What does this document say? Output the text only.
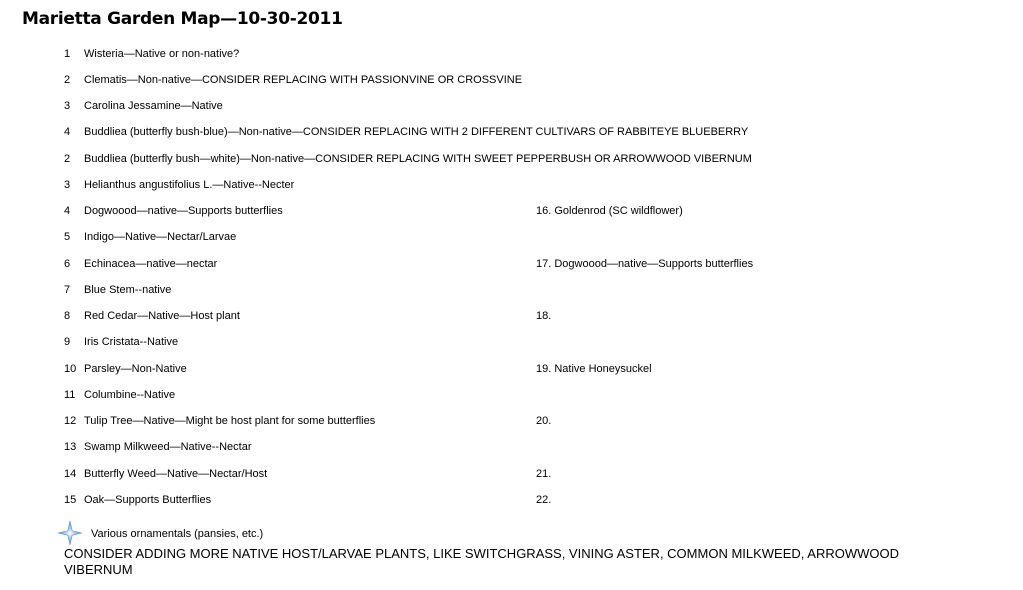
Marietta Garden Map—10-30-2011
1 Wisteria—Native or non-native?
2 Clematis—Non-native—CONSIDER REPLACING WITH PASSIONVINE OR CROSSVINE
3 Carolina Jessamine—Native
4 Buddliea (butterfly bush-blue)—Non-native—CONSIDER REPLACING WITH 2 DIFFERENT CULTIVARS OF RABBITEYE BLUEBERRY
2 Buddliea (butterfly bush—white)—Non-native—CONSIDER REPLACING WITH SWEET PEPPERBUSH OR ARROWWOOD VIBERNUM
3 Helianthus angustifolius L.—Native--Necter
4 Dogwoood—native—Supports butterflies
5 Indigo—Native—Nectar/Larvae
6 Echinacea—native—nectar
7 Blue Stem--native
8 Red Cedar—Native—Host plant
9 Iris Cristata--Native
10 Parsley—Non-Native
11 Columbine--Native
12 Tulip Tree—Native—Might be host plant for some butterflies
13 Swamp Milkweed—Native--Nectar
14 Butterfly Weed—Native—Nectar/Host
15 Oak—Supports Butterflies
16. Goldenrod (SC wildflower)
17. Dogwoood—native—Supports butterflies
18.
19. Native Honeysuckel
20.
21.
22.
Various ornamentals (pansies, etc.)
CONSIDER ADDING MORE NATIVE HOST/LARVAE PLANTS, LIKE SWITCHGRASS, VINING ASTER, COMMON MILKWEED, ARROWWOOD VIBERNUM
